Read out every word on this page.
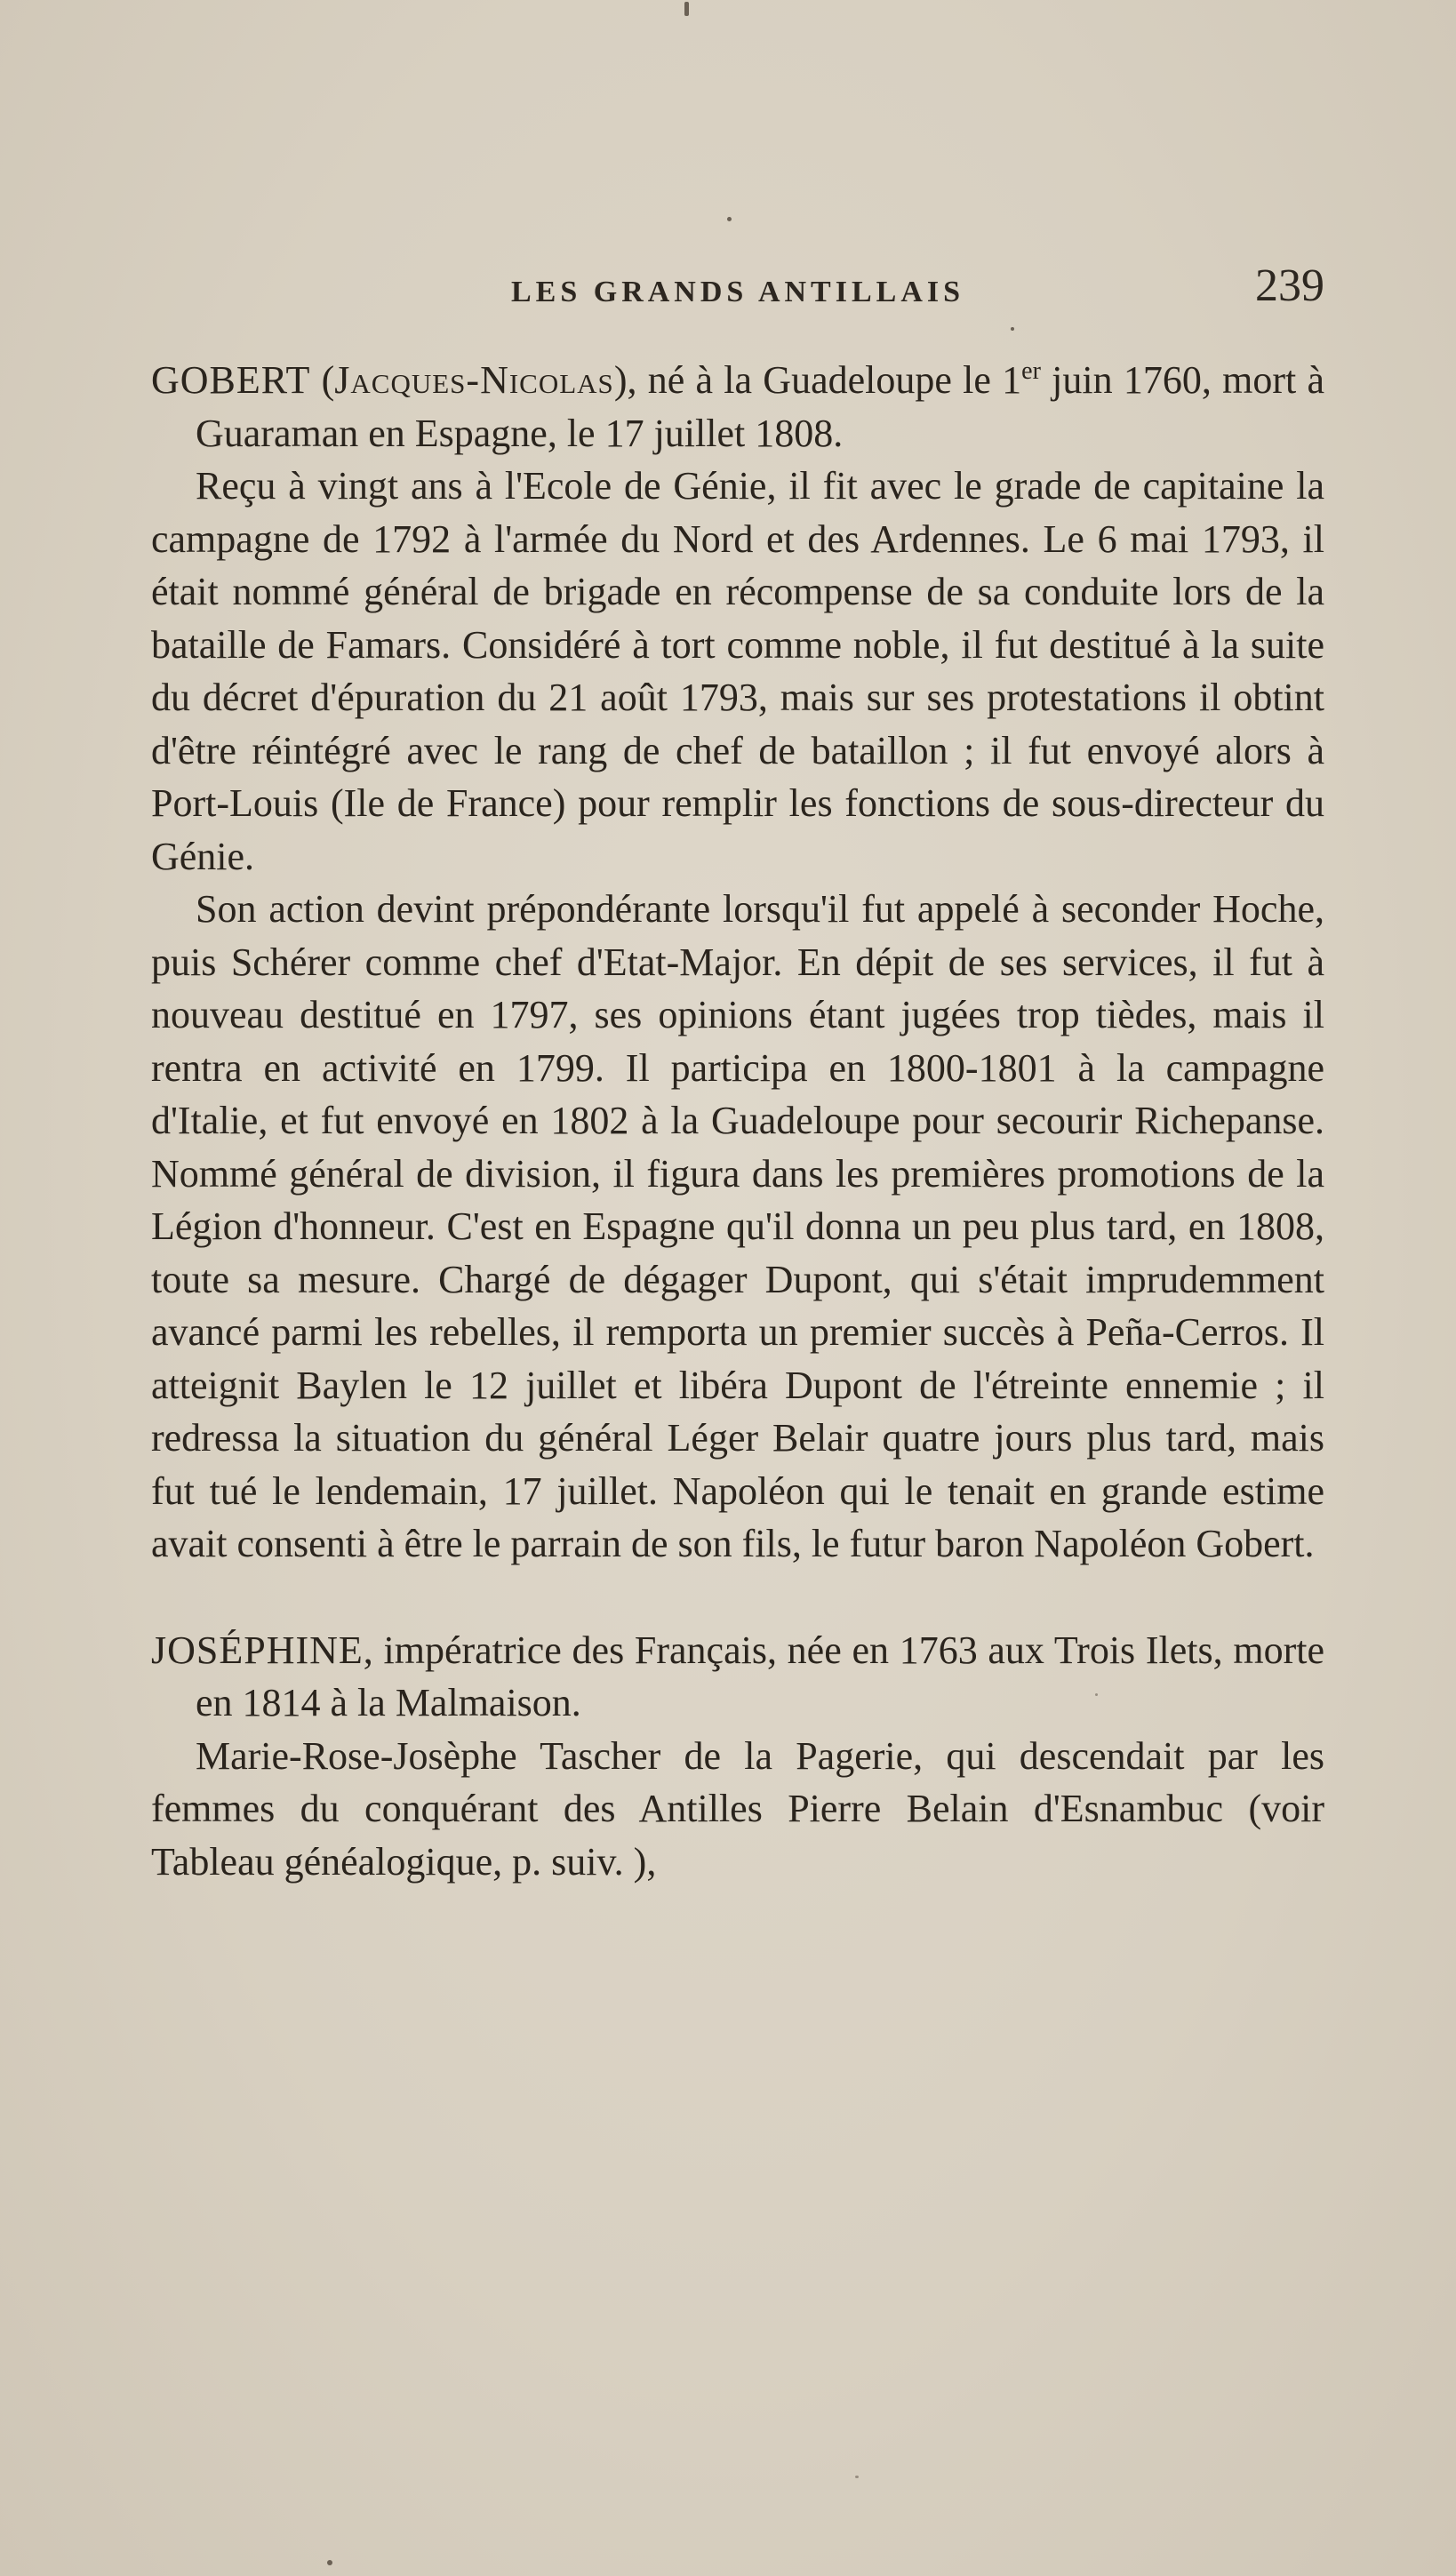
LES GRANDS ANTILLAIS	239

GOBERT (Jacques-Nicolas), né à la Guadeloupe le 1er juin 1760, mort à Guaraman en Espagne, le 17 juillet 1808.

Reçu à vingt ans à l'Ecole de Génie, il fit avec le grade de capitaine la campagne de 1792 à l'armée du Nord et des Ardennes. Le 6 mai 1793, il était nommé général de brigade en récompense de sa conduite lors de la bataille de Famars. Considéré à tort comme noble, il fut destitué à la suite du décret d'épuration du 21 août 1793, mais sur ses protestations il obtint d'être réintégré avec le rang de chef de bataillon ; il fut envoyé alors à Port-Louis (Ile de France) pour remplir les fonctions de sous-directeur du Génie.

Son action devint prépondérante lorsqu'il fut appelé à seconder Hoche, puis Schérer comme chef d'Etat-Major. En dépit de ses services, il fut à nouveau destitué en 1797, ses opinions étant jugées trop tièdes, mais il rentra en activité en 1799. Il participa en 1800-1801 à la campagne d'Italie, et fut envoyé en 1802 à la Guadeloupe pour secourir Richepanse. Nommé général de division, il figura dans les premières promotions de la Légion d'honneur. C'est en Espagne qu'il donna un peu plus tard, en 1808, toute sa mesure. Chargé de dégager Dupont, qui s'était imprudemment avancé parmi les rebelles, il remporta un premier succès à Peña-Cerros. Il atteignit Baylen le 12 juillet et libéra Dupont de l'étreinte ennemie ; il redressa la situation du général Léger Belair quatre jours plus tard, mais fut tué le lendemain, 17 juillet. Napoléon qui le tenait en grande estime avait consenti à être le parrain de son fils, le futur baron Napoléon Gobert.

JOSÉPHINE, impératrice des Français, née en 1763 aux Trois Ilets, morte en 1814 à la Malmaison.

Marie-Rose-Josèphe Tascher de la Pagerie, qui descendait par les femmes du conquérant des Antilles Pierre Belain d'Esnambuc (voir Tableau généalogique, p. suiv. ),
